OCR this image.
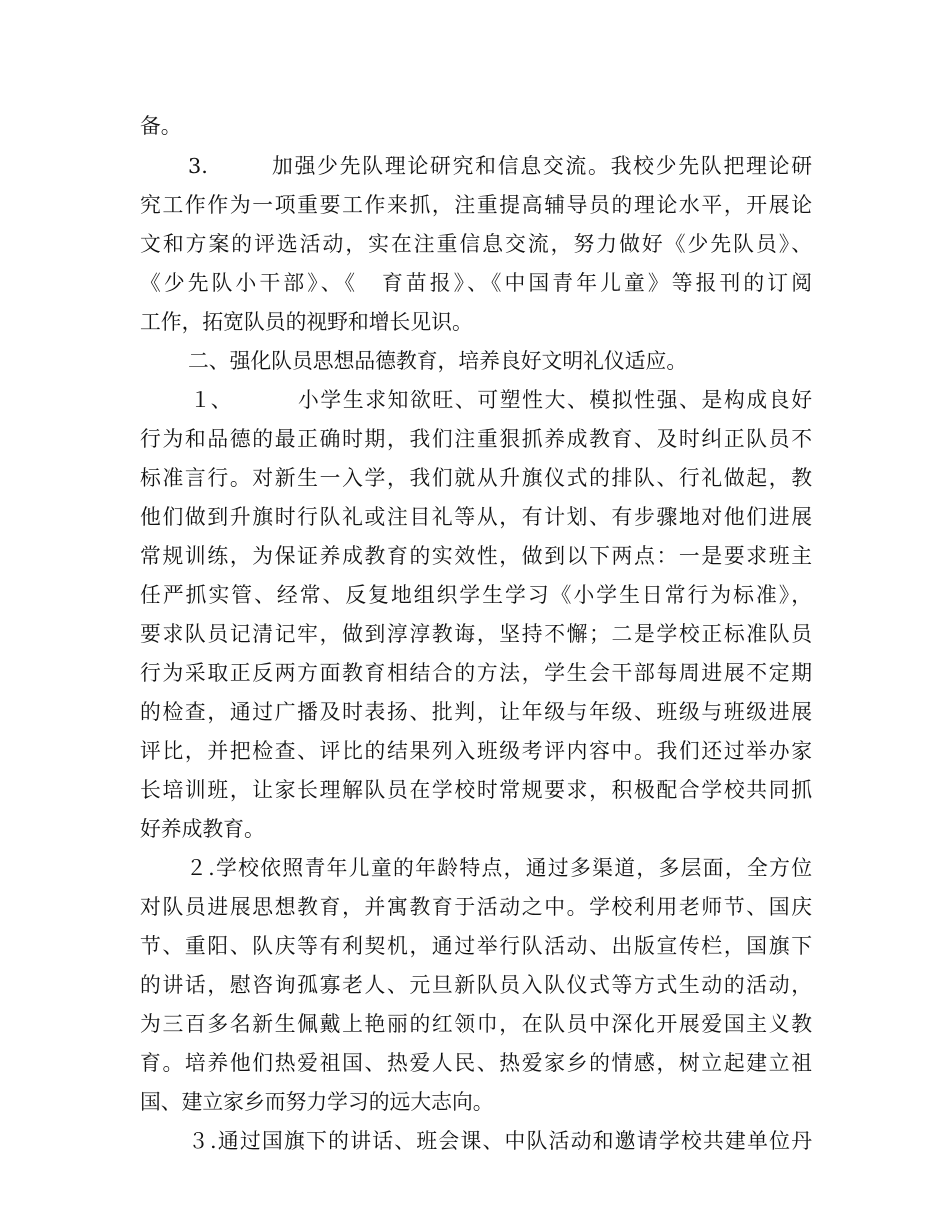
备。
3.	加强少先队理论研究和信息交流。我校少先队把理论研
究工作作为一项重要工作来抓，注重提高辅导员的理论水平，开展论
文和方案的评选活动，实在注重信息交流，努力做好《少先队员》、
《少先队小干部》、《　育苗报》、《中国青年儿童》等报刊的订阅
工作，拓宽队员的视野和增长见识。
二、强化队员思想品德教育，培养良好文明礼仪适应。
１、	小学生求知欲旺、可塑性大、模拟性强、是构成良好
行为和品德的最正确时期，我们注重狠抓养成教育、及时纠正队员不
标准言行。对新生一入学，我们就从升旗仪式的排队、行礼做起，教
他们做到升旗时行队礼或注目礼等从，有计划、有步骤地对他们进展
常规训练，为保证养成教育的实效性，做到以下两点：一是要求班主
任严抓实管、经常、反复地组织学生学习《小学生日常行为标准》，
要求队员记清记牢，做到淳淳教诲，坚持不懈；二是学校正标准队员
行为采取正反两方面教育相结合的方法，学生会干部每周进展不定期
的检查，通过广播及时表扬、批判，让年级与年级、班级与班级进展
评比，并把检查、评比的结果列入班级考评内容中。我们还过举办家
长培训班，让家长理解队员在学校时常规要求，积极配合学校共同抓
好养成教育。
２.学校依照青年儿童的年龄特点，通过多渠道，多层面，全方位
对队员进展思想教育，并寓教育于活动之中。学校利用老师节、国庆
节、重阳、队庆等有利契机，通过举行队活动、出版宣传栏，国旗下
的讲话，慰咨询孤寡老人、元旦新队员入队仪式等方式生动的活动，
为三百多名新生佩戴上艳丽的红领巾，在队员中深化开展爱国主义教
育。培养他们热爱祖国、热爱人民、热爱家乡的情感，树立起建立祖
国、建立家乡而努力学习的远大志向。
３.通过国旗下的讲话、班会课、中队活动和邀请学校共建单位丹
